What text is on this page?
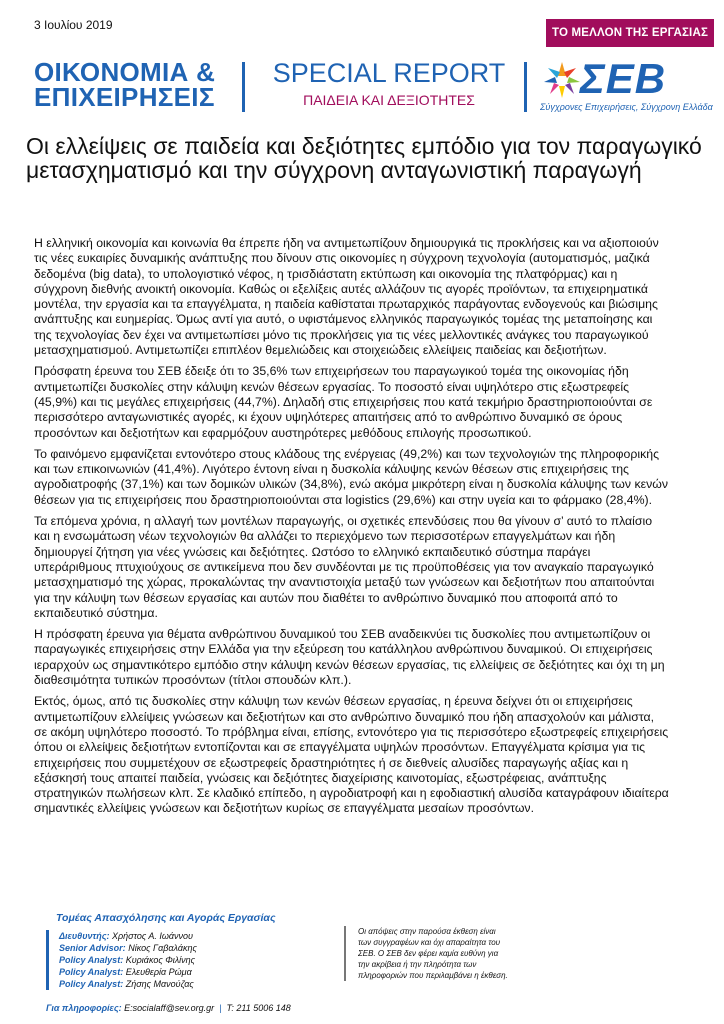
3 Ιουλίου 2019
ΤΟ ΜΕΛΛΟΝ ΤΗΣ ΕΡΓΑΣΙΑΣ
ΟΙΚΟΝΟΜΙΑ &
ΕΠΙΧΕΙΡΗΣΕΙΣ
SPECIAL REPORT
ΠΑΙΔΕΙΑ ΚΑΙ ΔΕΞΙΟΤΗΤΕΣ	ΣΕΒ
Σύγχρονες Επιχειρήσεις, Σύγχρονη Ελλάδα
Οι ελλείψεις σε παιδεία και δεξιότητες εμπόδιο για τον παραγωγικό μετασχηματισμό και την σύγχρονη ανταγωνιστική παραγωγή

Η ελληνική οικονομία και κοινωνία θα έπρεπε ήδη να αντιμετωπίζουν δημιουργικά τις προκλήσεις και να αξιοποιούν τις νέες ευκαιρίες δυναμικής ανάπτυξης που δίνουν στις οικονομίες η σύγχρονη τεχνολογία (αυτοματισμός, μαζικά δεδομένα (big data), το υπολογιστικό νέφος, η τρισδιάστατη εκτύπωση και οικονομία της πλατφόρμας) και η σύγχρονη διεθνής ανοικτή οικονομία. Καθώς οι εξελίξεις αυτές αλλάζουν τις αγορές προϊόντων, τα επιχειρηματικά μοντέλα, την εργασία και τα επαγγέλματα, η παιδεία καθίσταται πρωταρχικός παράγοντας ενδογενούς και βιώσιμης ανάπτυξης και ευημερίας. Όμως αντί για αυτό, ο υφιστάμενος ελληνικός παραγωγικός τομέας της μεταποίησης και της τεχνολογίας δεν έχει να αντιμετωπίσει μόνο τις προκλήσεις για τις νέες μελλοντικές ανάγκες του παραγωγικού μετασχηματισμού. Αντιμετωπίζει επιπλέον θεμελιώδεις και στοιχειώδεις ελλείψεις παιδείας και δεξιοτήτων.

Πρόσφατη έρευνα του ΣΕΒ έδειξε ότι το 35,6% των επιχειρήσεων του παραγωγικού τομέα της οικονομίας ήδη αντιμετωπίζει δυσκολίες στην κάλυψη κενών θέσεων εργασίας. Το ποσοστό είναι υψηλότερο στις εξωστρεφείς (45,9%) και τις μεγάλες επιχειρήσεις (44,7%). Δηλαδή στις επιχειρήσεις που κατά τεκμήριο δραστηριοποιούνται σε περισσότερο ανταγωνιστικές αγορές, κι έχουν υψηλότερες απαιτήσεις από το ανθρώπινο δυναμικό σε όρους προσόντων και δεξιοτήτων και εφαρμόζουν αυστηρότερες μεθόδους επιλογής προσωπικού.

Το φαινόμενο εμφανίζεται εντονότερο στους κλάδους της ενέργειας (49,2%) και των τεχνολογιών της πληροφορικής και των επικοινωνιών (41,4%). Λιγότερο έντονη είναι η δυσκολία κάλυψης κενών θέσεων στις επιχειρήσεις της αγροδιατροφής (37,1%) και των δομικών υλικών (34,8%), ενώ ακόμα μικρότερη είναι η δυσκολία κάλυψης των κενών θέσεων για τις επιχειρήσεις που δραστηριοποιούνται στα logistics (29,6%) και στην υγεία και το φάρμακο (28,4%).

Τα επόμενα χρόνια, η αλλαγή των μοντέλων παραγωγής, οι σχετικές επενδύσεις που θα γίνουν σ’ αυτό το πλαίσιο και η ενσωμάτωση νέων τεχνολογιών θα αλλάζει το περιεχόμενο των περισσοτέρων επαγγελμάτων και ήδη δημιουργεί ζήτηση για νέες γνώσεις και δεξιότητες. Ωστόσο το ελληνικό εκπαιδευτικό σύστημα παράγει υπεράριθμους πτυχιούχους σε αντικείμενα που δεν συνδέονται με τις προϋποθέσεις για τον αναγκαίο παραγωγικό μετασχηματισμό της χώρας, προκαλώντας την αναντιστοιχία μεταξύ των γνώσεων και δεξιοτήτων που απαιτούνται για την κάλυψη των θέσεων εργασίας και αυτών που διαθέτει το ανθρώπινο δυναμικό που αποφοιτά από το εκπαιδευτικό σύστημα.

Η πρόσφατη έρευνα για θέματα ανθρώπινου δυναμικού του ΣΕΒ αναδεικνύει τις δυσκολίες που αντιμετωπίζουν οι παραγωγικές επιχειρήσεις στην Ελλάδα για την εξεύρεση του κατάλληλου ανθρώπινου δυναμικού. Οι επιχειρήσεις ιεραρχούν ως σημαντικότερο εμπόδιο στην κάλυψη κενών θέσεων εργασίας, τις ελλείψεις σε δεξιότητες και όχι τη μη διαθεσιμότητα τυπικών προσόντων (τίτλοι σπουδών κλπ.).

Εκτός, όμως, από τις δυσκολίες στην κάλυψη των κενών θέσεων εργασίας, η έρευνα δείχνει ότι οι επιχειρήσεις αντιμετωπίζουν ελλείψεις γνώσεων και δεξιοτήτων και στο ανθρώπινο δυναμικό που ήδη απασχολούν και μάλιστα, σε ακόμη υψηλότερο ποσοστό. Το πρόβλημα είναι, επίσης, εντονότερο για τις περισσότερο εξωστρεφείς επιχειρήσεις όπου οι ελλείψεις δεξιοτήτων εντοπίζονται και σε επαγγέλματα υψηλών προσόντων. Επαγγέλματα κρίσιμα για τις επιχειρήσεις που συμμετέχουν σε εξωστρεφείς δραστηριότητες ή σε διεθνείς αλυσίδες παραγωγής αξίας και η εξάσκησή τους απαιτεί παιδεία, γνώσεις και δεξιότητες διαχείρισης καινοτομίας, εξωστρέφειας, ανάπτυξης στρατηγικών πωλήσεων κλπ. Σε κλαδικό επίπεδο, η αγροδιατροφή και η εφοδιαστική αλυσίδα καταγράφουν ιδιαίτερα σημαντικές ελλείψεις γνώσεων και δεξιοτήτων κυρίως σε επαγγέλματα μεσαίων προσόντων.

Τομέας Απασχόλησης και Αγοράς Εργασίας
Διευθυντής: Χρήστος Α. Ιωάννου
Senior Advisor: Νίκος Γαβαλάκης
Policy Analyst: Κυριάκος Φιλίνης
Policy Analyst: Ελευθερία Ρώμα
Policy Analyst: Ζήσης Μανούζας
Για πληροφορίες: E:socialaff@sev.org.gr  |  T: 211 5006 148
Οι απόψεις στην παρούσα έκθεση είναι των συγγραφέων και όχι απαραίτητα του ΣΕΒ. Ο ΣΕΒ δεν φέρει καμία ευθύνη για την ακρίβεια ή την πληρότητα των πληροφοριών που περιλαμβάνει η έκθεση.
